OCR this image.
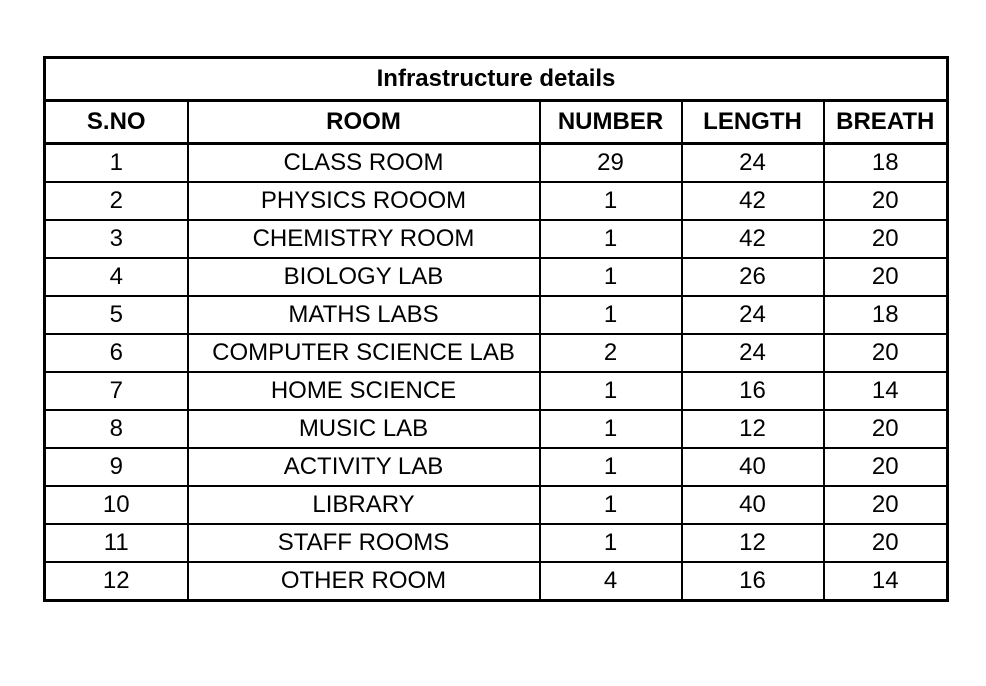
Infrastructure details				
S.NO	ROOM	NUMBER	LENGTH	BREATH
1	CLASS ROOM	29	24	18
2	PHYSICS ROOOM	1	42	20
3	CHEMISTRY ROOM	1	42	20
4	BIOLOGY LAB	1	26	20
5	MATHS LABS	1	24	18
6	COMPUTER SCIENCE LAB	2	24	20
7	HOME SCIENCE	1	16	14
8	MUSIC LAB	1	12	20
9	ACTIVITY LAB	1	40	20
10	LIBRARY	1	40	20
11	STAFF ROOMS	1	12	20
12	OTHER ROOM	4	16	14
